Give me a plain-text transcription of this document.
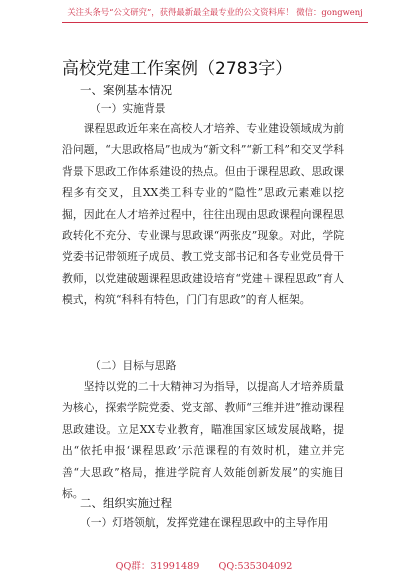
关注头条号“公文研究”，获得最新最全最专业的公文资料库！ 微信：gongwenj
高校党建工作案例（2783字）
一、案例基本情况
（一）实施背景
课程思政近年来在高校人才培养、专业建设领域成为前沿问题，“大思政格局”也成为“新文科”“新工科”和交叉学科背景下思政工作体系建设的热点。但由于课程思政、思政课程多有交叉，且XX类工科专业的“隐性”思政元素难以挖掘，因此在人才培养过程中，往往出现由思政课程向课程思政转化不充分、专业课与思政课“两张皮”现象。对此，学院党委书记带领班子成员、教工党支部书记和各专业党员骨干教师，以党建破题课程思政建设培育“党建＋课程思政”育人模式，构筑“科科有特色，门门有思政”的育人框架。
（二）目标与思路
坚持以党的二十大精神习为指导，以提高人才培养质量为核心，探索学院党委、党支部、教师“三维并进”推动课程思政建设。立足XX专业教育，瞄准国家区域发展战略，提出“依托申报‘课程思政’示范课程的有效时机，建立并完善“大思政”格局，推进学院育人效能创新发展”的实施目标。
二、组织实施过程
（一）灯塔领航，发挥党建在课程思政中的主导作用
QQ群：31991489　　QQ:535304092
